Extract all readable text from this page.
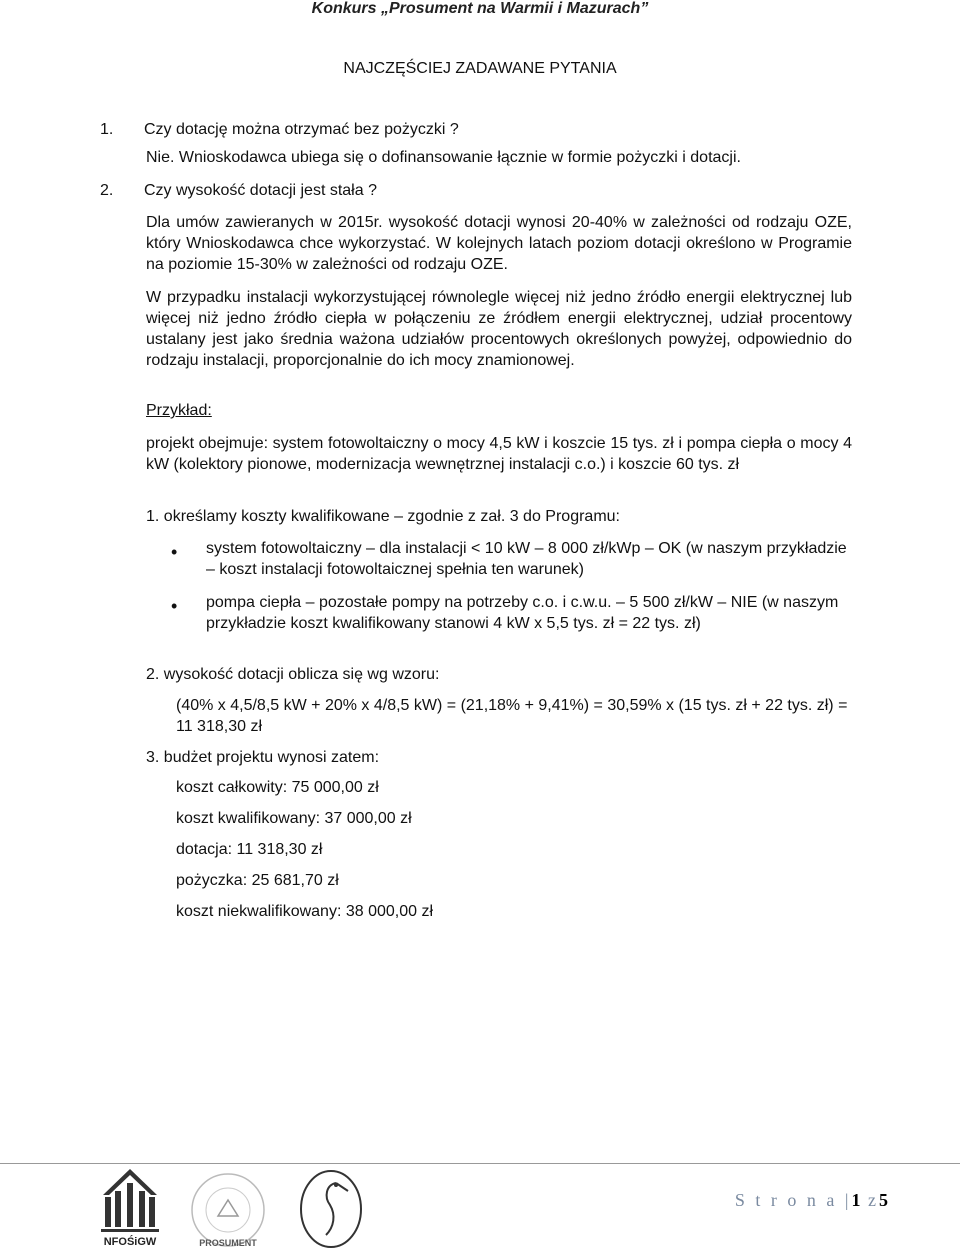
Konkurs „Prosument na Warmii i Mazurach”
NAJCZĘŚCIEJ ZADAWANE PYTANIA
1. Czy dotację można otrzymać bez pożyczki ?
Nie. Wnioskodawca ubiega się o dofinansowanie łącznie w formie pożyczki i dotacji.
2. Czy wysokość dotacji jest stała ?
Dla umów zawieranych w 2015r. wysokość dotacji wynosi 20-40% w zależności od rodzaju OZE, który Wnioskodawca chce wykorzystać. W kolejnych latach poziom dotacji określono w Programie na poziomie 15-30% w zależności od rodzaju OZE.
W przypadku instalacji wykorzystującej równolegle więcej niż jedno źródło energii elektrycznej lub więcej niż jedno źródło ciepła w połączeniu ze źródłem energii elektrycznej, udział procentowy ustalany jest jako średnia ważona udziałów procentowych określonych powyżej, odpowiednio do rodzaju instalacji, proporcjonalnie do ich mocy znamionowej.
Przykład:
projekt obejmuje: system fotowoltaiczny o mocy 4,5 kW i koszcie 15 tys. zł i pompa ciepła o mocy 4 kW (kolektory pionowe, modernizacja wewnętrznej instalacji c.o.) i koszcie 60 tys. zł
1. określamy koszty kwalifikowane – zgodnie z zał. 3 do Programu:
•
system fotowoltaiczny – dla instalacji < 10 kW – 8 000 zł/kWp – OK (w naszym przykładzie – koszt instalacji fotowoltaicznej spełnia ten warunek)
•
pompa ciepła – pozostałe pompy na potrzeby c.o. i c.w.u. – 5 500 zł/kW – NIE (w naszym przykładzie koszt kwalifikowany stanowi 4 kW x 5,5 tys. zł = 22 tys. zł)
2. wysokość dotacji oblicza się wg wzoru:
(40% x 4,5/8,5 kW + 20% x 4/8,5 kW) = (21,18% + 9,41%) = 30,59% x (15 tys. zł + 22 tys. zł) = 11 318,30 zł
3. budżet projektu wynosi zatem:
koszt całkowity: 75 000,00 zł
koszt kwalifikowany: 37 000,00 zł
dotacja: 11 318,30 zł
pożyczka: 25 681,70 zł
koszt niekwalifikowany: 38 000,00 zł
NFOŚiGW	PROSUMENT
S t r o n a |1 z5
